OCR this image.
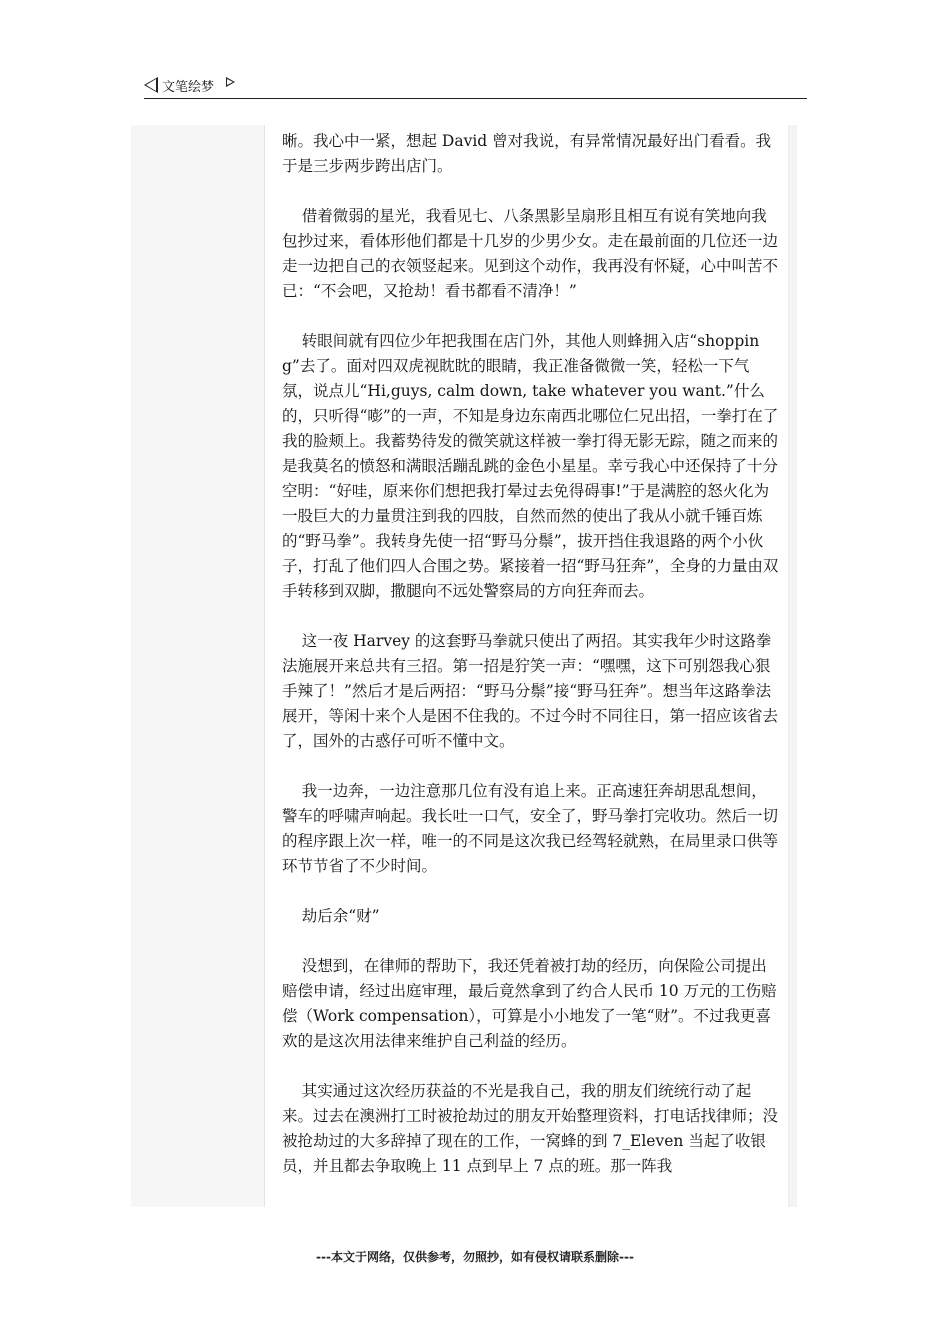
文笔绘梦

晰。我心中一紧，想起 David 曾对我说，有异常情况最好出门看看。我于是三步两步跨出店门。

借着微弱的星光，我看见七、八条黑影呈扇形且相互有说有笑地向我包抄过来，看体形他们都是十几岁的少男少女。走在最前面的几位还一边走一边把自己的衣领竖起来。见到这个动作，我再没有怀疑，心中叫苦不已：“不会吧，又抢劫！看书都看不清净！”

转眼间就有四位少年把我围在店门外，其他人则蜂拥入店“shopping”去了。面对四双虎视眈眈的眼睛，我正准备微微一笑，轻松一下气氛，说点儿“Hi,guys, calm down, take whatever you want.”什么的，只听得“嘭”的一声，不知是身边东南西北哪位仁兄出招，一拳打在了我的脸颊上。我蓄势待发的微笑就这样被一拳打得无影无踪，随之而来的是我莫名的愤怒和满眼活蹦乱跳的金色小星星。幸亏我心中还保持了十分空明：“好哇，原来你们想把我打晕过去免得碍事!”于是满腔的怒火化为一股巨大的力量贯注到我的四肢，自然而然的使出了我从小就千锤百炼的“野马拳”。我转身先使一招“野马分鬃”，拔开挡住我退路的两个小伙子，打乱了他们四人合围之势。紧接着一招“野马狂奔”，全身的力量由双手转移到双脚，撒腿向不远处警察局的方向狂奔而去。

这一夜 Harvey 的这套野马拳就只使出了两招。其实我年少时这路拳法施展开来总共有三招。第一招是狞笑一声：“嘿嘿，这下可别怨我心狠手辣了！”然后才是后两招：“野马分鬃”接“野马狂奔”。想当年这路拳法展开，等闲十来个人是困不住我的。不过今时不同往日，第一招应该省去了，国外的古惑仔可听不懂中文。

我一边奔，一边注意那几位有没有追上来。正高速狂奔胡思乱想间，警车的呼啸声响起。我长吐一口气，安全了，野马拳打完收功。然后一切的程序跟上次一样，唯一的不同是这次我已经驾轻就熟，在局里录口供等环节节省了不少时间。

劫后余“财”

没想到，在律师的帮助下，我还凭着被打劫的经历，向保险公司提出赔偿申请，经过出庭审理，最后竟然拿到了约合人民币 10 万元的工伤赔偿（Work compensation），可算是小小地发了一笔“财”。不过我更喜欢的是这次用法律来维护自己利益的经历。

其实通过这次经历获益的不光是我自己，我的朋友们统统行动了起来。过去在澳洲打工时被抢劫过的朋友开始整理资料，打电话找律师；没被抢劫过的大多辞掉了现在的工作，一窝蜂的到 7_Eleven 当起了收银员，并且都去争取晚上 11 点到早上 7 点的班。那一阵我

---本文于网络，仅供参考，勿照抄，如有侵权请联系删除---
